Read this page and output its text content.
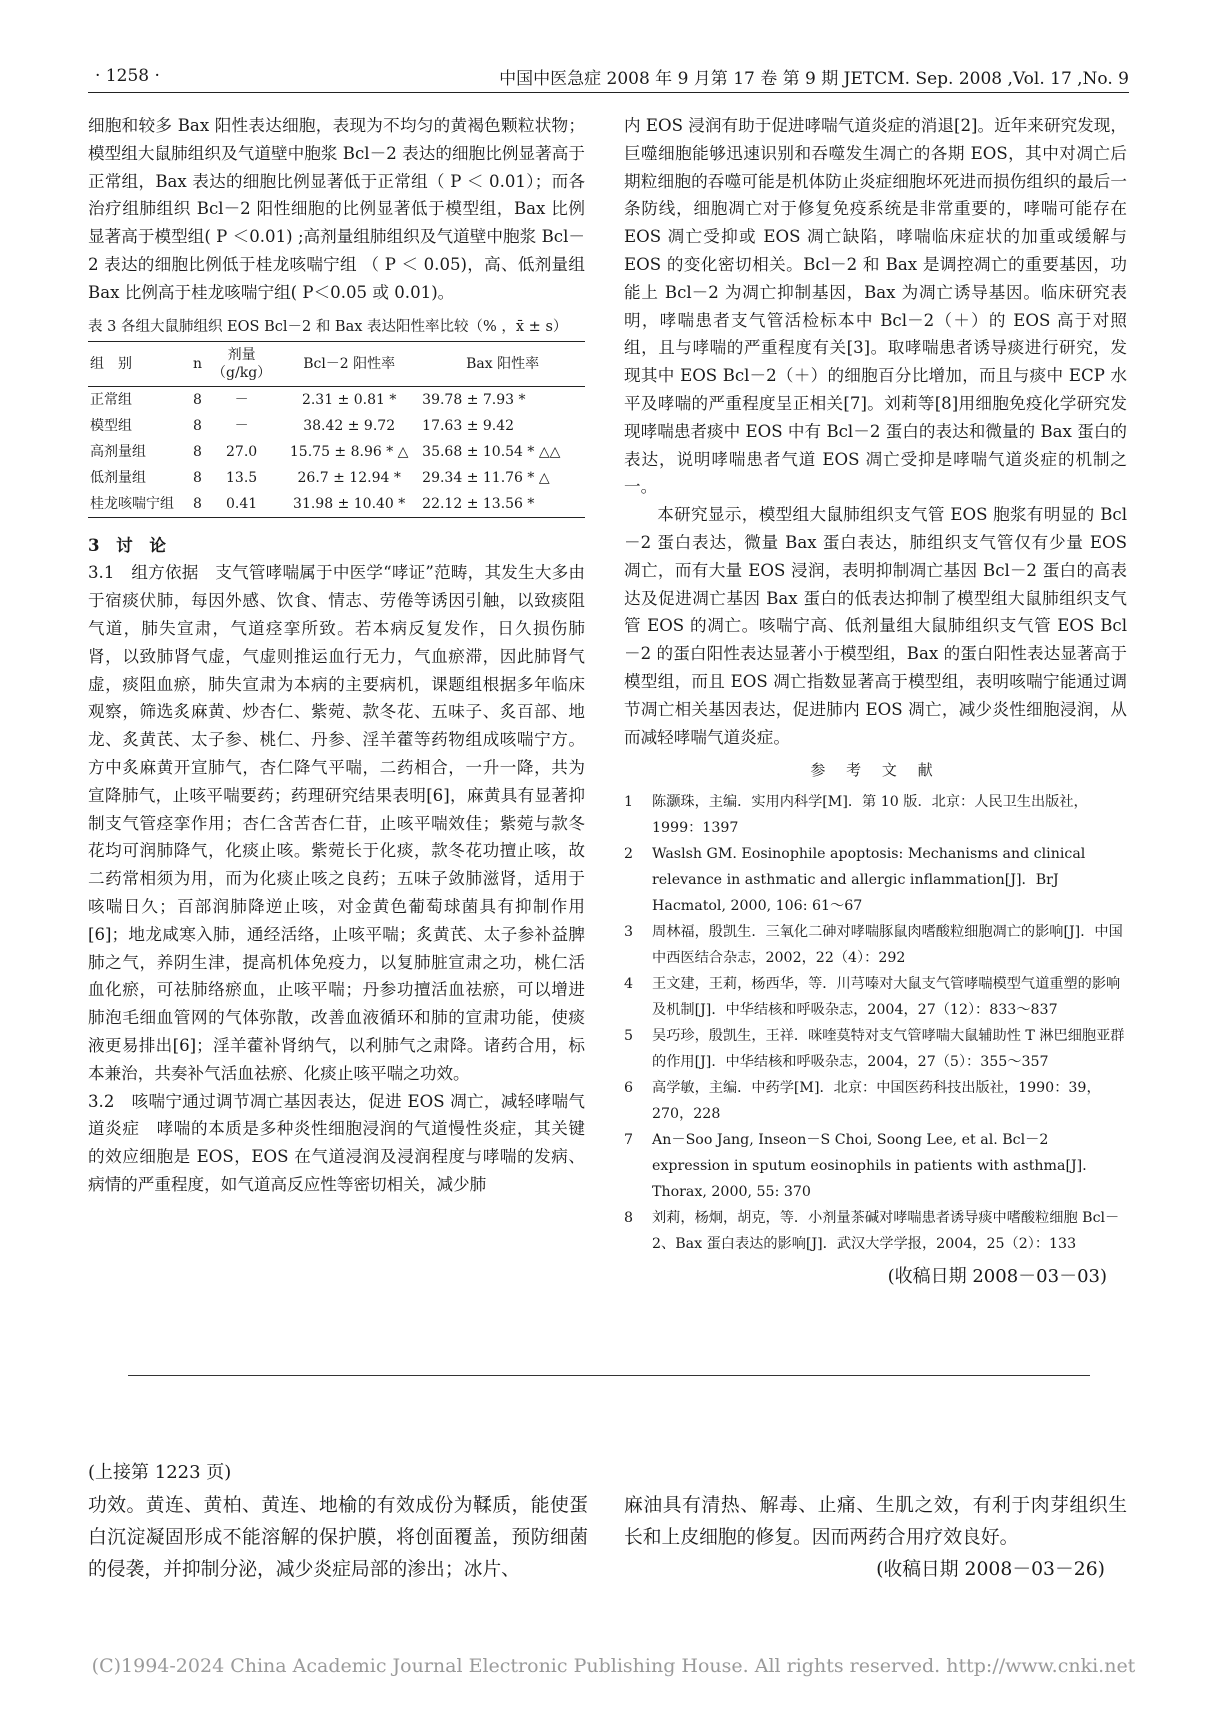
· 1258 ·	中国中医急症 2008 年 9 月第 17 卷 第 9 期 JETCM. Sep. 2008 ,Vol. 17 ,No. 9

细胞和较多 Bax 阳性表达细胞，表现为不均匀的黄褐色颗粒状物；模型组大鼠肺组织及气道壁中胞浆 Bcl－2 表达的细胞比例显著高于正常组，Bax 表达的细胞比例显著低于正常组（ P ＜ 0.01）；而各治疗组肺组织 Bcl－2 阳性细胞的比例显著低于模型组，Bax 比例显著高于模型组( P ＜0.01) ;高剂量组肺组织及气道壁中胞浆 Bcl－2 表达的细胞比例低于桂龙咳喘宁组 （ P ＜ 0.05)，高、低剂量组 Bax 比例高于桂龙咳喘宁组( P＜0.05 或 0.01)。

表 3 各组大鼠肺组织 EOS Bcl－2 和 Bax 表达阳性率比较（% ，x̄ ± s）

组　别	n	剂量
（g/kg）	Bcl－2 阳性率	Bax 阳性率
正常组	8	－	2.31 ± 0.81 *	39.78 ± 7.93 *
模型组	8	－	38.42 ± 9.72	17.63 ± 9.42
高剂量组	8	27.0	15.75 ± 8.96 * △	35.68 ± 10.54 * △△
低剂量组	8	13.5	26.7 ± 12.94 *	29.34 ± 11.76 * △
桂龙咳喘宁组	8	0.41	31.98 ± 10.40 *	22.12 ± 13.56 *

3　讨　论

3.1　组方依据　支气管哮喘属于中医学“哮证”范畴，其发生大多由于宿痰伏肺，每因外感、饮食、情志、劳倦等诱因引触，以致痰阻气道，肺失宣肃，气道痉挛所致。若本病反复发作，日久损伤肺肾，以致肺肾气虚，气虚则推运血行无力，气血瘀滞，因此肺肾气虚，痰阻血瘀，肺失宣肃为本病的主要病机，课题组根据多年临床观察，筛选炙麻黄、炒杏仁、紫菀、款冬花、五味子、炙百部、地龙、炙黄芪、太子参、桃仁、丹参、淫羊藿等药物组成咳喘宁方。方中炙麻黄开宣肺气，杏仁降气平喘，二药相合，一升一降，共为宣降肺气，止咳平喘要药；药理研究结果表明[6]，麻黄具有显著抑制支气管痉挛作用；杏仁含苦杏仁苷，止咳平喘效佳；紫菀与款冬花均可润肺降气，化痰止咳。紫菀长于化痰，款冬花功擅止咳，故二药常相须为用，而为化痰止咳之良药；五味子敛肺滋肾，适用于咳喘日久；百部润肺降逆止咳，对金黄色葡萄球菌具有抑制作用[6]；地龙咸寒入肺，通经活络，止咳平喘；炙黄芪、太子参补益脾肺之气，养阴生津，提高机体免疫力，以复肺脏宣肃之功，桃仁活血化瘀，可祛肺络瘀血，止咳平喘；丹参功擅活血祛瘀，可以增进肺泡毛细血管网的气体弥散，改善血液循环和肺的宣肃功能，使痰液更易排出[6]；淫羊藿补肾纳气，以利肺气之肃降。诸药合用，标本兼治，共奏补气活血祛瘀、化痰止咳平喘之功效。

3.2　咳喘宁通过调节凋亡基因表达，促进 EOS 凋亡，减轻哮喘气道炎症　哮喘的本质是多种炎性细胞浸润的气道慢性炎症，其关键的效应细胞是 EOS，EOS 在气道浸润及浸润程度与哮喘的发病、病情的严重程度，如气道高反应性等密切相关，减少肺

内 EOS 浸润有助于促进哮喘气道炎症的消退[2]。近年来研究发现，巨噬细胞能够迅速识别和吞噬发生凋亡的各期 EOS，其中对凋亡后期粒细胞的吞噬可能是机体防止炎症细胞坏死进而损伤组织的最后一条防线，细胞凋亡对于修复免疫系统是非常重要的，哮喘可能存在 EOS 凋亡受抑或 EOS 凋亡缺陷，哮喘临床症状的加重或缓解与 EOS 的变化密切相关。Bcl－2 和 Bax 是调控凋亡的重要基因，功能上 Bcl－2 为凋亡抑制基因，Bax 为凋亡诱导基因。临床研究表明，哮喘患者支气管活检标本中 Bcl－2（＋）的 EOS 高于对照组，且与哮喘的严重程度有关[3]。取哮喘患者诱导痰进行研究，发现其中 EOS Bcl－2（＋）的细胞百分比增加，而且与痰中 ECP 水平及哮喘的严重程度呈正相关[7]。刘莉等[8]用细胞免疫化学研究发现哮喘患者痰中 EOS 中有 Bcl－2 蛋白的表达和微量的 Bax 蛋白的表达，说明哮喘患者气道 EOS 凋亡受抑是哮喘气道炎症的机制之一。

本研究显示，模型组大鼠肺组织支气管 EOS 胞浆有明显的 Bcl－2 蛋白表达，微量 Bax 蛋白表达，肺组织支气管仅有少量 EOS 凋亡，而有大量 EOS 浸润，表明抑制凋亡基因 Bcl－2 蛋白的高表达及促进凋亡基因 Bax 蛋白的低表达抑制了模型组大鼠肺组织支气管 EOS 的凋亡。咳喘宁高、低剂量组大鼠肺组织支气管 EOS Bcl－2 的蛋白阳性表达显著小于模型组，Bax 的蛋白阳性表达显著高于模型组，而且 EOS 凋亡指数显著高于模型组，表明咳喘宁能通过调节凋亡相关基因表达，促进肺内 EOS 凋亡，减少炎性细胞浸润，从而减轻哮喘气道炎症。

参 考 文 献

1	陈灏珠，主编．实用内科学[M]．第 10 版．北京：人民卫生出版社，1999：1397
2	Waslsh GM. Eosinophile apoptosis: Mechanisms and clinical relevance in asthmatic and allergic inflammation[J]．BrJ Hacmatol, 2000, 106: 61～67
3	周林福，殷凯生．三氧化二砷对哮喘豚鼠肉嗜酸粒细胞凋亡的影响[J]．中国中西医结合杂志，2002，22（4）：292
4	王文建，王莉，杨西华，等．川芎嗪对大鼠支气管哮喘模型气道重塑的影响及机制[J]．中华结核和呼吸杂志，2004，27（12）：833～837
5	吴巧珍，殷凯生，王祥．咪喹莫特对支气管哮喘大鼠辅助性 T 淋巴细胞亚群的作用[J]．中华结核和呼吸杂志，2004，27（5）：355～357
6	高学敏，主编．中药学[M]．北京：中国医药科技出版社，1990：39，270，228
7	An－Soo Jang, Inseon－S Choi, Soong Lee, et al. Bcl－2 expression in sputum eosinophils in patients with asthma[J]．Thorax, 2000, 55: 370
8	刘莉，杨炯，胡克，等．小剂量茶碱对哮喘患者诱导痰中嗜酸粒细胞 Bcl－2、Bax 蛋白表达的影响[J]．武汉大学学报，2004，25（2）：133

(收稿日期 2008－03－03)

(上接第 1223 页)

功效。黄连、黄柏、黄连、地榆的有效成份为鞣质，能使蛋白沉淀凝固形成不能溶解的保护膜，将创面覆盖，预防细菌的侵袭，并抑制分泌，减少炎症局部的渗出；冰片、

麻油具有清热、解毒、止痛、生肌之效，有利于肉芽组织生长和上皮细胞的修复。因而两药合用疗效良好。

(收稿日期 2008－03－26)

(C)1994-2024 China Academic Journal Electronic Publishing House. All rights reserved. http://www.cnki.net
